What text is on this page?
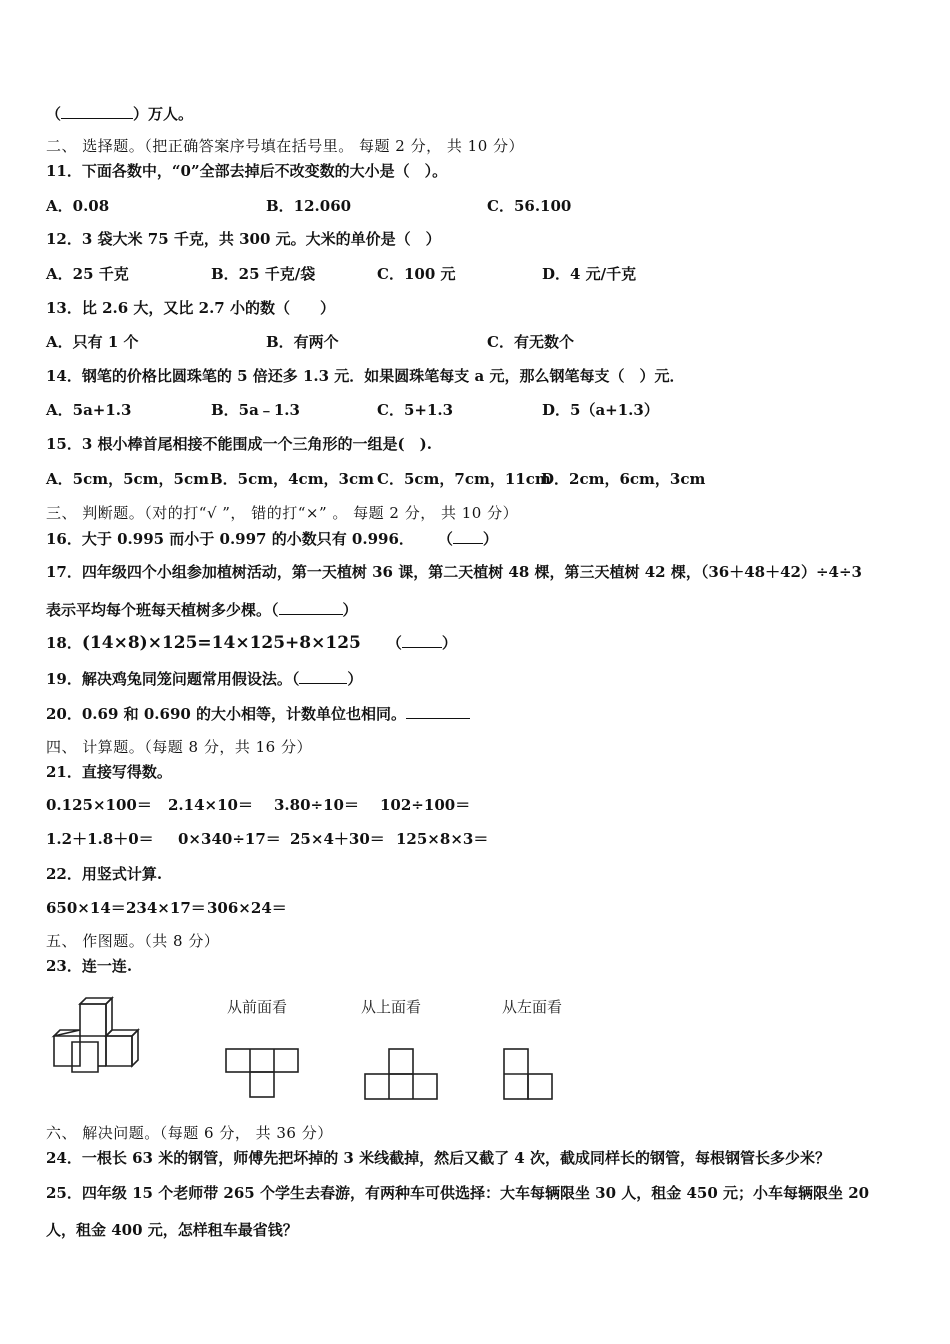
（	）万人。
二、 选择题。（把正确答案序号填在括号里。 每题 2 分， 共 10 分）
11．下面各数中，“0”全部去掉后不改变数的大小是（　）。
A．0.08	B．12.060	C．56.100
12．3 袋大米 75 千克，共 300 元。大米的单价是（　）
A．25 千克	B．25 千克/袋	C．100 元	D．4 元/千克
13．比 2.6 大，又比 2.7 小的数（　　）
A．只有 1 个	B．有两个	C．有无数个
14．钢笔的价格比圆珠笔的 5 倍还多 1.3 元．如果圆珠笔每支 a 元，那么钢笔每支（　）元．
A．5a+1.3	B．5a﹣1.3	C．5+1.3	D．5（a+1.3）
15．3 根小棒首尾相接不能围成一个三角形的一组是(　).
A．5cm，5cm，5cm B．5cm，4cm，3cm C．5cm，7cm，11cm
D．2cm，6cm，3cm
三、 判断题。（对的打“√ ”， 错的打“×” 。 每题 2 分， 共 10 分）
16．大于 0.995 而小于 0.997 的小数只有 0.996． （ ）
17．四年级四个小组参加植树活动，第一天植树 36 课，第二天植树 48 棵，第三天植树 42 棵，（36＋48＋42）÷4÷3
表示平均每个班每天植树多少棵。（	）
18．(14×8)×125=14×125+8×125 （	）
19．解决鸡兔同笼问题常用假设法。（	）
20．0.69 和 0.690 的大小相等，计数单位也相同。
四、 计算题。（每题 8 分，共 16 分）
21．直接写得数。
0.125×100＝ 2.14×10＝ 3.80÷10＝ 102÷100＝
1.2＋1.8＋0＝ 0×340÷17＝ 25×4＋30＝ 125×8×3＝
22．用竖式计算.
650×14＝ 234×17＝ 306×24＝
五、 作图题。（共 8 分）
23．连一连.
从前面看	从上面看	从左面看
六、 解决问题。（每题 6 分， 共 36 分）
24．一根长 63 米的钢管，师傅先把坏掉的 3 米线截掉，然后又截了 4 次，截成同样长的钢管，每根钢管长多少米？
25．四年级 15 个老师带 265 个学生去春游，有两种车可供选择：大车每辆限坐 30 人，租金 450 元；小车每辆限坐 20
人，租金 400 元，怎样租车最省钱？
